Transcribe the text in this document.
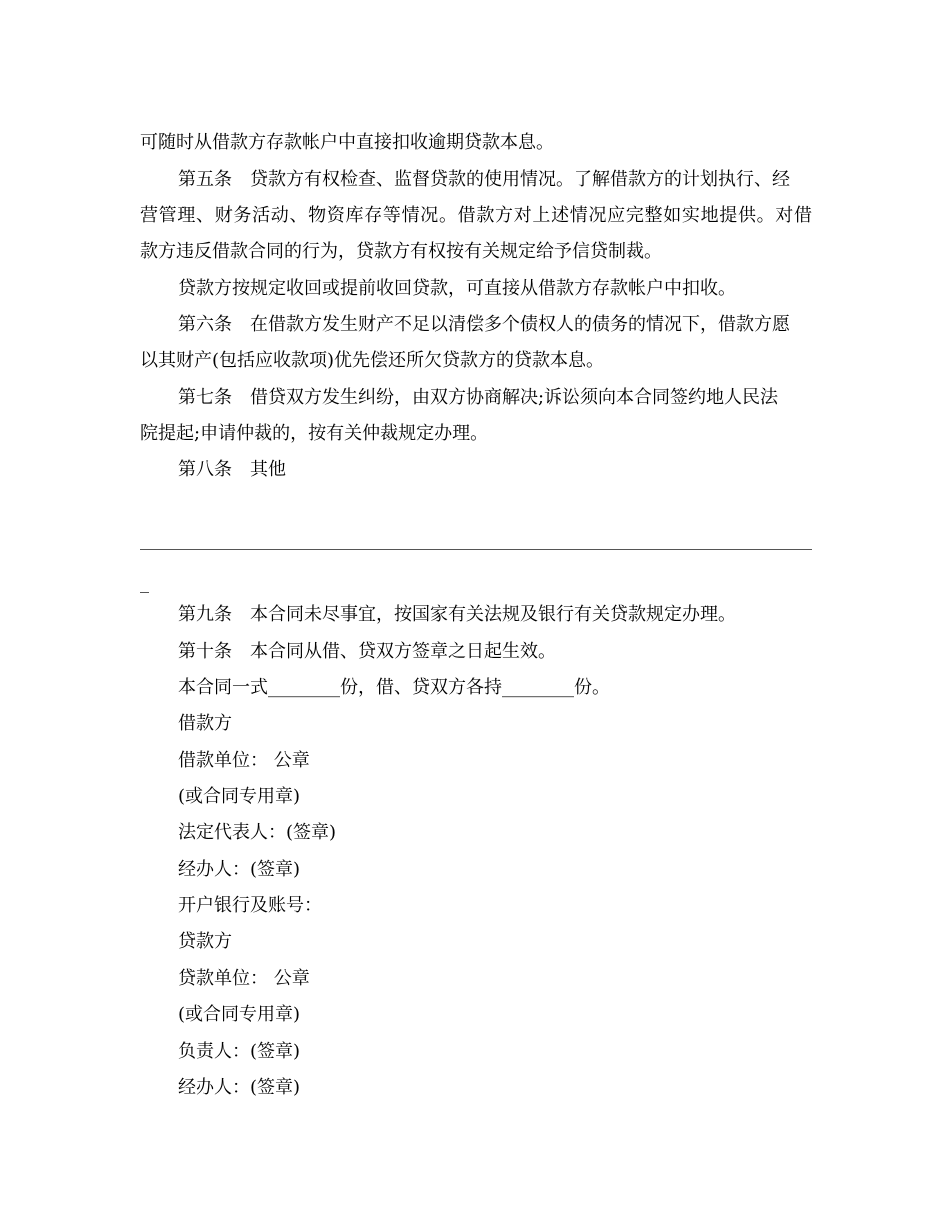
可随时从借款方存款帐户中直接扣收逾期贷款本息。
第五条　贷款方有权检查、监督贷款的使用情况。了解借款方的计划执行、经
营管理、财务活动、物资库存等情况。借款方对上述情况应完整如实地提供。对借
款方违反借款合同的行为，贷款方有权按有关规定给予信贷制裁。
贷款方按规定收回或提前收回贷款，可直接从借款方存款帐户中扣收。
第六条　在借款方发生财产不足以清偿多个债权人的债务的情况下，借款方愿
以其财产(包括应收款项)优先偿还所欠贷款方的贷款本息。
第七条　借贷双方发生纠纷，由双方协商解决;诉讼须向本合同签约地人民法
院提起;申请仲裁的，按有关仲裁规定办理。
第八条　其他
第九条　本合同未尽事宜，按国家有关法规及银行有关贷款规定办理。
第十条　本合同从借、贷双方签章之日起生效。
本合同一式________份，借、贷双方各持________份。
借款方
借款单位： 公章
(或合同专用章)
法定代表人：(签章)
经办人：(签章)
开户银行及账号：
贷款方
贷款单位： 公章
(或合同专用章)
负责人：(签章)
经办人：(签章)
